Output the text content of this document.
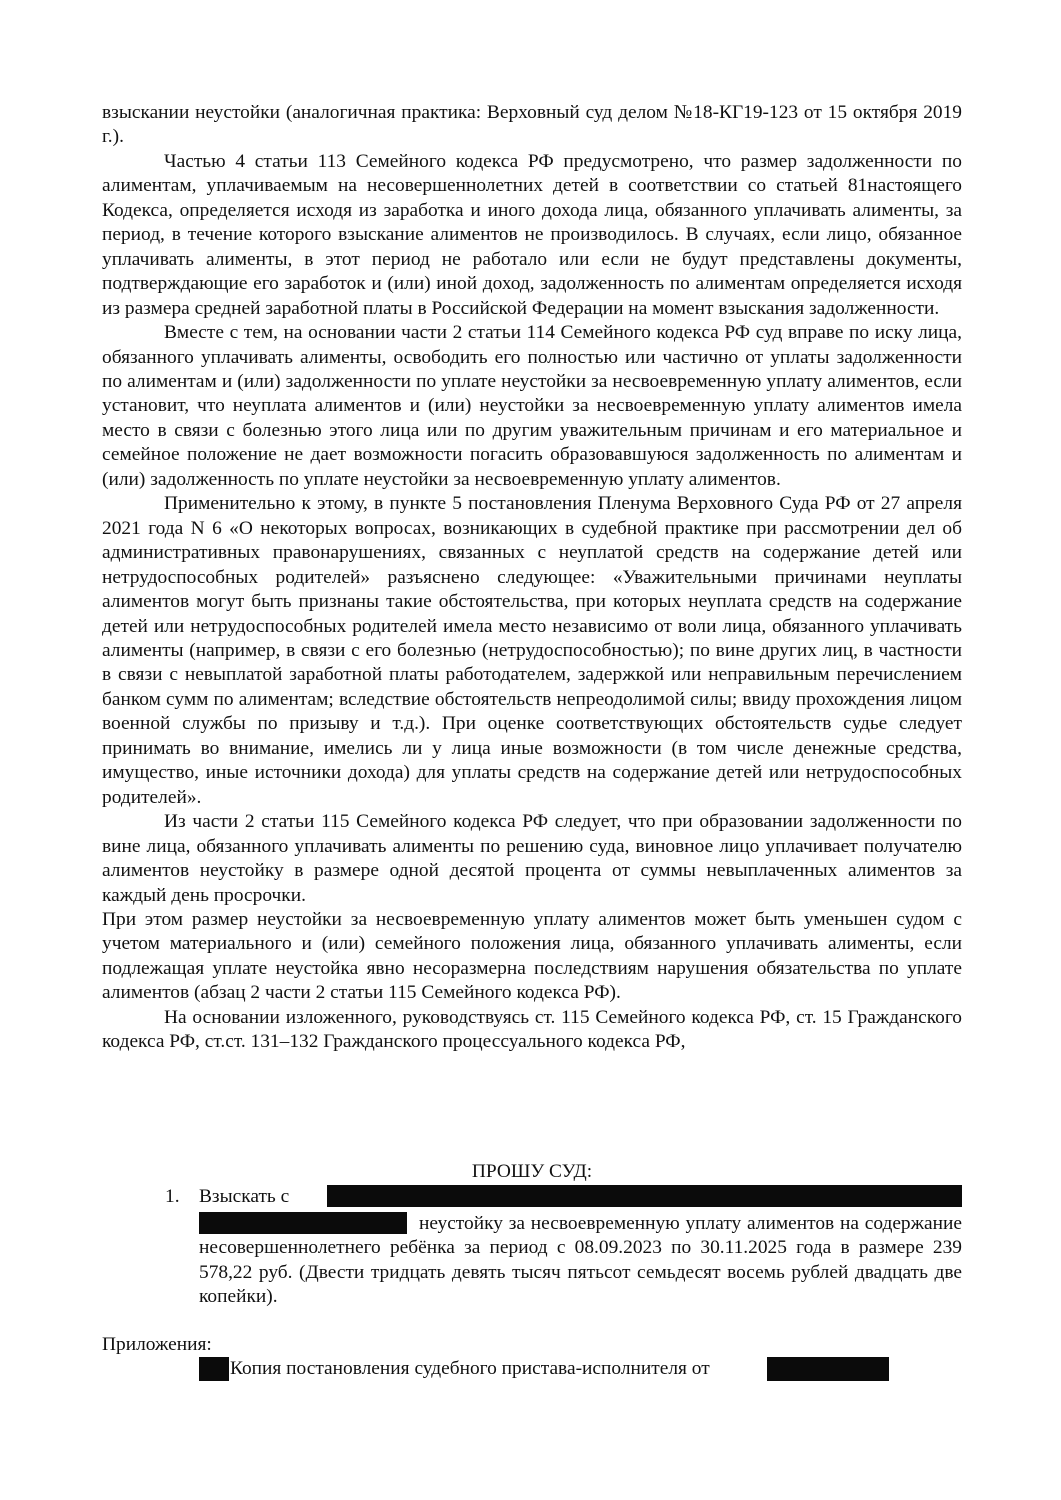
взыскании неустойки (аналогичная практика: Верховный суд делом №18-КГ19-123 от 15 октября 2019 г.).

Частью 4 статьи 113 Семейного кодекса РФ предусмотрено, что размер задолженности по алиментам, уплачиваемым на несовершеннолетних детей в соответствии со статьей 81настоящего Кодекса, определяется исходя из заработка и иного дохода лица, обязанного уплачивать алименты, за период, в течение которого взыскание алиментов не производилось. В случаях, если лицо, обязанное уплачивать алименты, в этот период не работало или если не будут представлены документы, подтверждающие его заработок и (или) иной доход, задолженность по алиментам определяется исходя из размера средней заработной платы в Российской Федерации на момент взыскания задолженности.

Вместе с тем, на основании части 2 статьи 114 Семейного кодекса РФ суд вправе по иску лица, обязанного уплачивать алименты, освободить его полностью или частично от уплаты задолженности по алиментам и (или) задолженности по уплате неустойки за несвоевременную уплату алиментов, если установит, что неуплата алиментов и (или) неустойки за несвоевременную уплату алиментов имела место в связи с болезнью этого лица или по другим уважительным причинам и его материальное и семейное положение не дает возможности погасить образовавшуюся задолженность по алиментам и (или) задолженность по уплате неустойки за несвоевременную уплату алиментов.

Применительно к этому, в пункте 5 постановления Пленума Верховного Суда РФ от 27 апреля 2021 года N 6 «О некоторых вопросах, возникающих в судебной практике при рассмотрении дел об административных правонарушениях, связанных с неуплатой средств на содержание детей или нетрудоспособных родителей» разъяснено следующее: «Уважительными причинами неуплаты алиментов могут быть признаны такие обстоятельства, при которых неуплата средств на содержание детей или нетрудоспособных родителей имела место независимо от воли лица, обязанного уплачивать алименты (например, в связи с его болезнью (нетрудоспособностью); по вине других лиц, в частности в связи с невыплатой заработной платы работодателем, задержкой или неправильным перечислением банком сумм по алиментам; вследствие обстоятельств непреодолимой силы; ввиду прохождения лицом военной службы по призыву и т.д.). При оценке соответствующих обстоятельств судье следует принимать во внимание, имелись ли у лица иные возможности (в том числе денежные средства, имущество, иные источники дохода) для уплаты средств на содержание детей или нетрудоспособных родителей».

Из части 2 статьи 115 Семейного кодекса РФ следует, что при образовании задолженности по вине лица, обязанного уплачивать алименты по решению суда, виновное лицо уплачивает получателю алиментов неустойку в размере одной десятой процента от суммы невыплаченных алиментов за каждый день просрочки.

При этом размер неустойки за несвоевременную уплату алиментов может быть уменьшен судом с учетом материального и (или) семейного положения лица, обязанного уплачивать алименты, если подлежащая уплате неустойка явно несоразмерна последствиям нарушения обязательства по уплате алиментов (абзац 2 части 2 статьи 115 Семейного кодекса РФ).

На основании изложенного, руководствуясь ст. 115 Семейного кодекса РФ, ст. 15 Гражданского кодекса РФ, ст.ст. 131–132 Гражданского процессуального кодекса РФ,

ПРОШУ СУД:
1. Взыскать с
неустойку за несвоевременную уплату алиментов на содержание несовершеннолетнего ребёнка за период с 08.09.2023 по 30.11.2025 года в размере 239 578,22 руб. (Двести тридцать девять тысяч пятьсот семьдесят восемь рублей двадцать две копейки).
Приложения:
Копия постановления судебного пристава-исполнителя от
